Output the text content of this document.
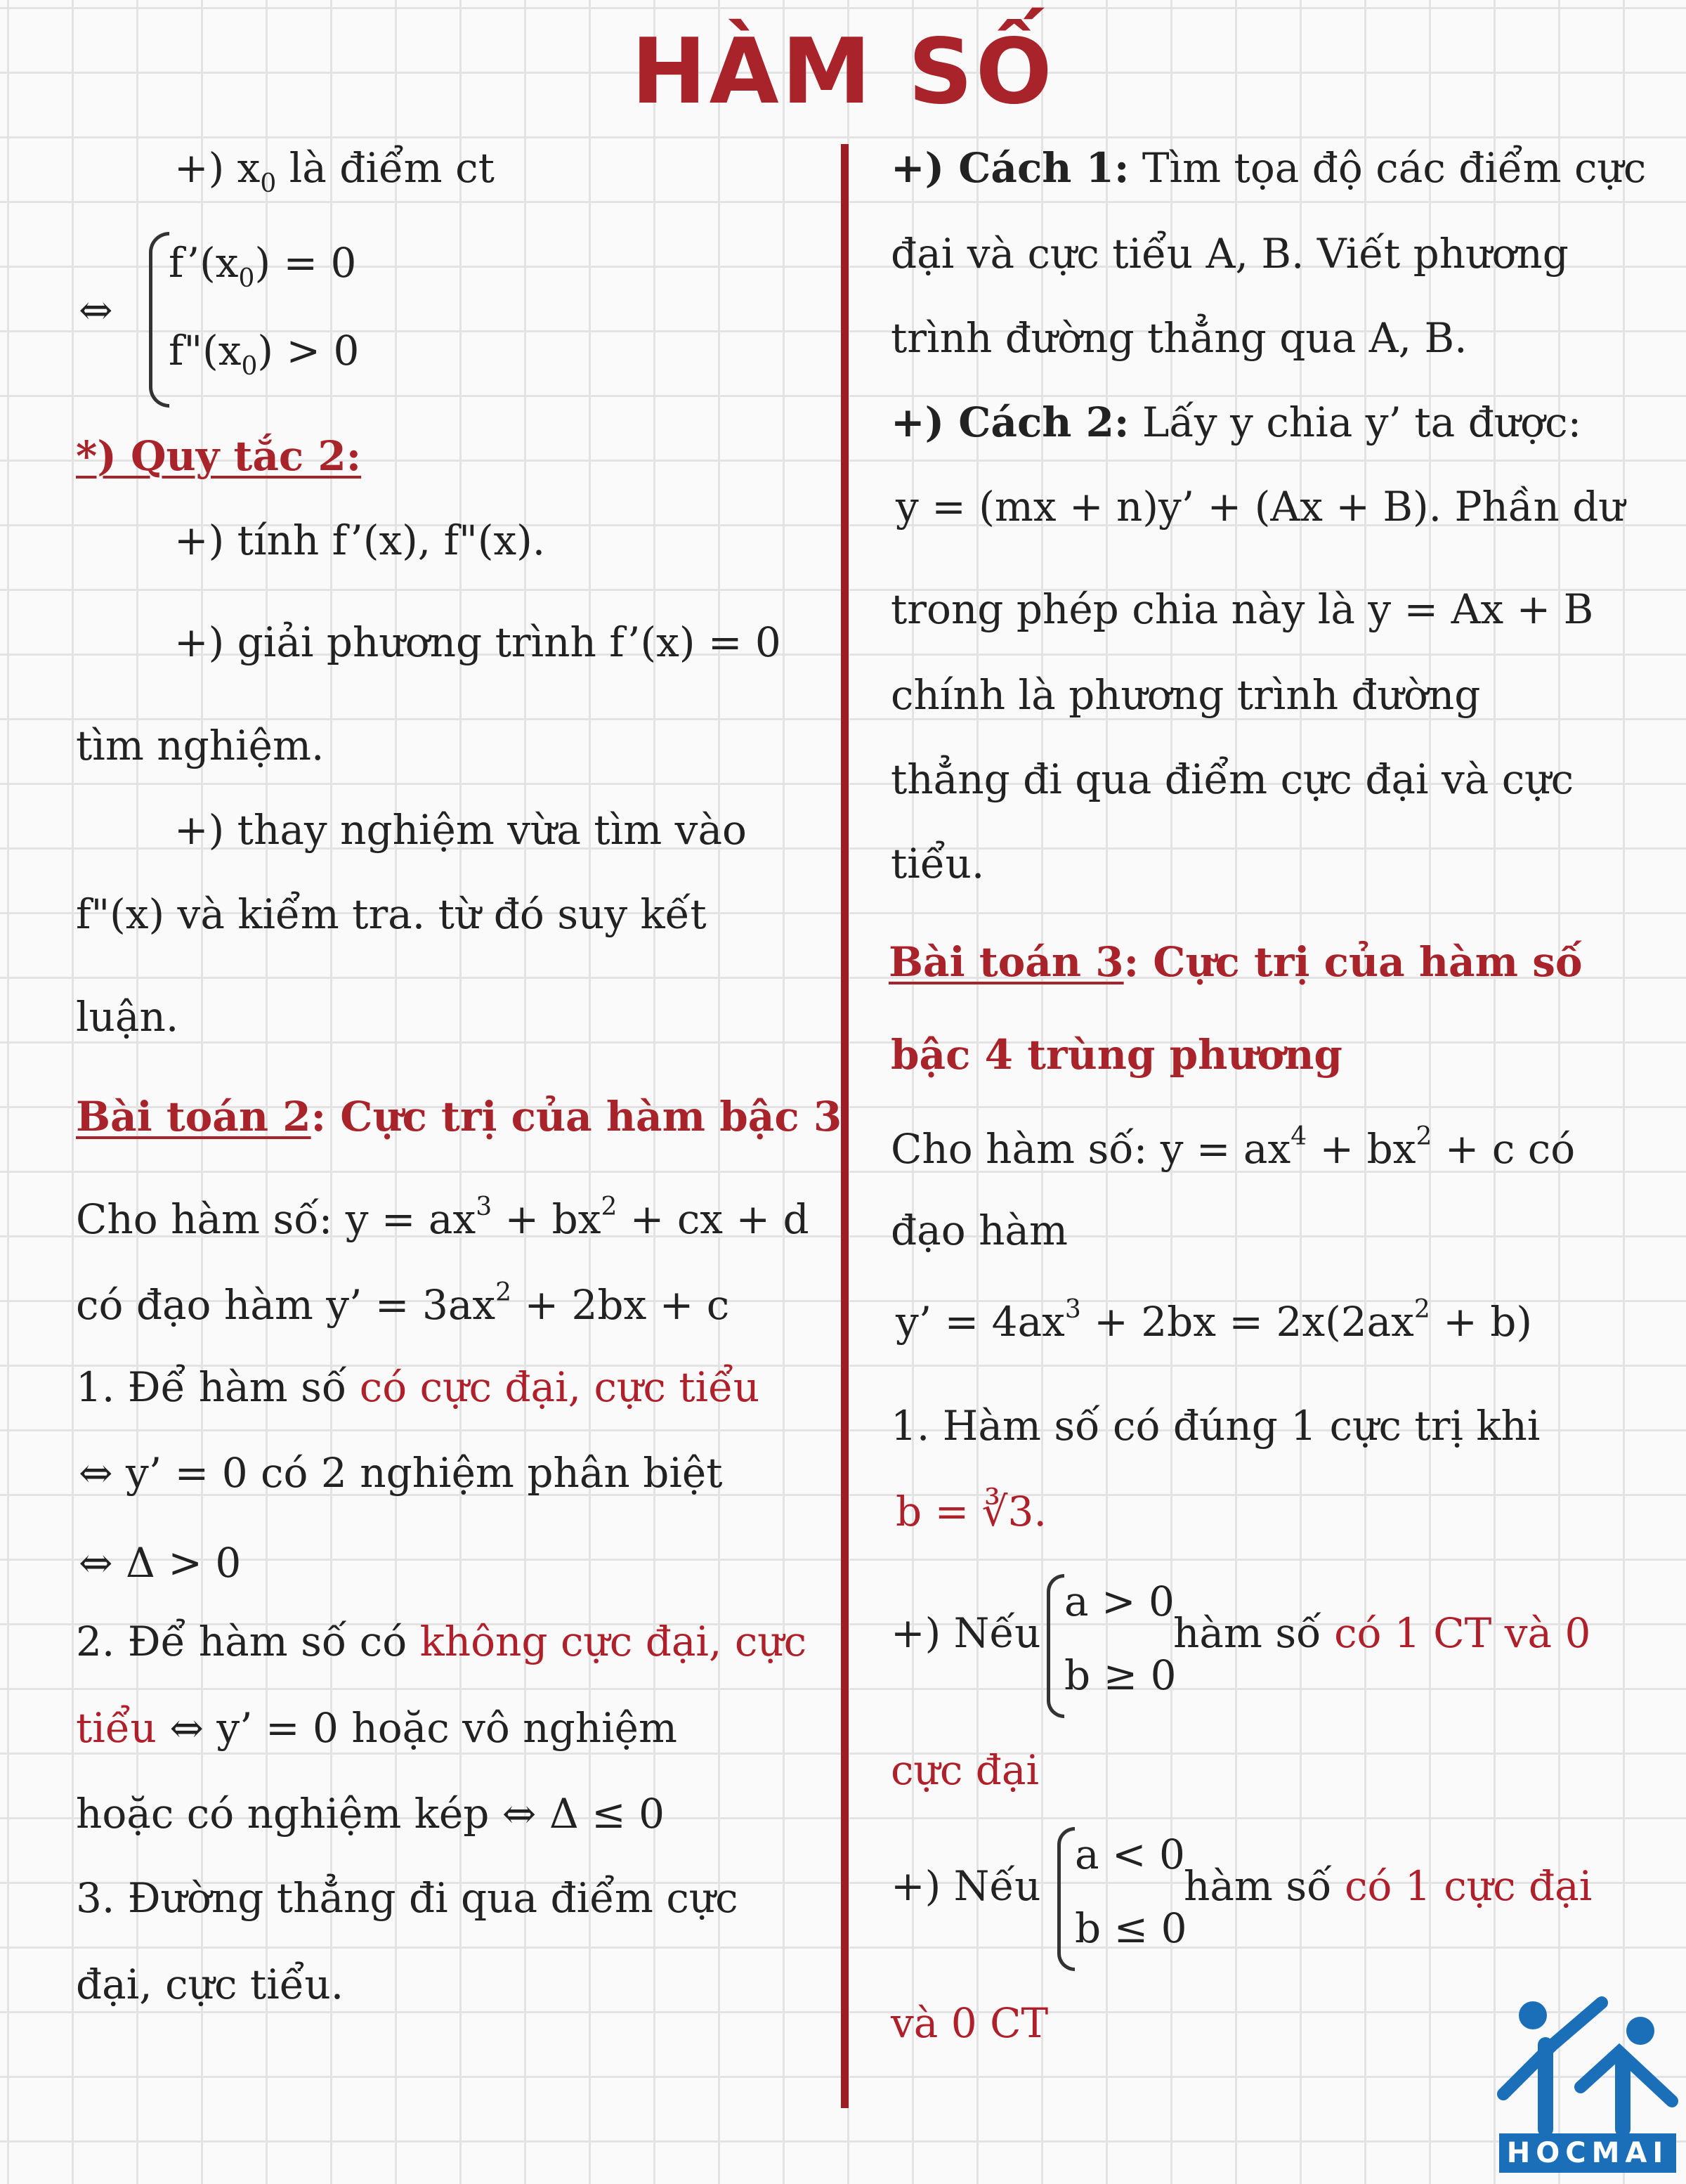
HÀM SỐ
+) $x_0$ là điểm ct
⇔
$f’(x_0) = 0$
$f"(x_0) > 0$
*) Quy tắc 2:
+) tính f’(x), f"(x).
+) giải phương trình f’(x) = 0
tìm nghiệm.
+) thay nghiệm vừa tìm vào
f"(x) và kiểm tra. từ đó suy kết
luận.
Bài toán 2: Cực trị của hàm bậc 3
Cho hàm số: $y = ax^3 + bx^2$ + cx + d
có đạo hàm y’ = $3ax^2 + 2bx + c$
1. Để hàm số có cực đại, cực tiểu
⇔ y’ = 0 có 2 nghiệm phân biệt
⇔ Δ > 0
2. Để hàm số có không cực đại, cực
tiểu ⇔ y’ = 0 hoặc vô nghiệm
hoặc có nghiệm kép ⇔ Δ ≤ 0
3. Đường thẳng đi qua điểm cực
đại, cực tiểu.
+) Cách 1: Tìm tọa độ các điểm cực
đại và cực tiểu A, B. Viết phương
trình đường thẳng qua A, B.
+) Cách 2: Lấy y chia y’ ta được:
y = (mx + n)y’ + (Ax + B). Phần dư
trong phép chia này là y = Ax + B
chính là phương trình đường
thẳng đi qua điểm cực đại và cực
tiểu.
Bài toán 3: Cực trị của hàm số
bậc 4 trùng phương
Cho hàm số: $y = ax^4 + bx^2 + c$ có
đạo hàm
y’ = $4ax^3 + 2bx = 2x(2ax^2 + b)$
1. Hàm số có đúng 1 cực trị khi
b = ∛3.
+) Nếu
a > 0
b ≥ 0
hàm số có 1 CT và 0
cực đại
+) Nếu
a < 0
b ≤ 0
hàm số có 1 cực đại
và 0 CT
HOCMAI
